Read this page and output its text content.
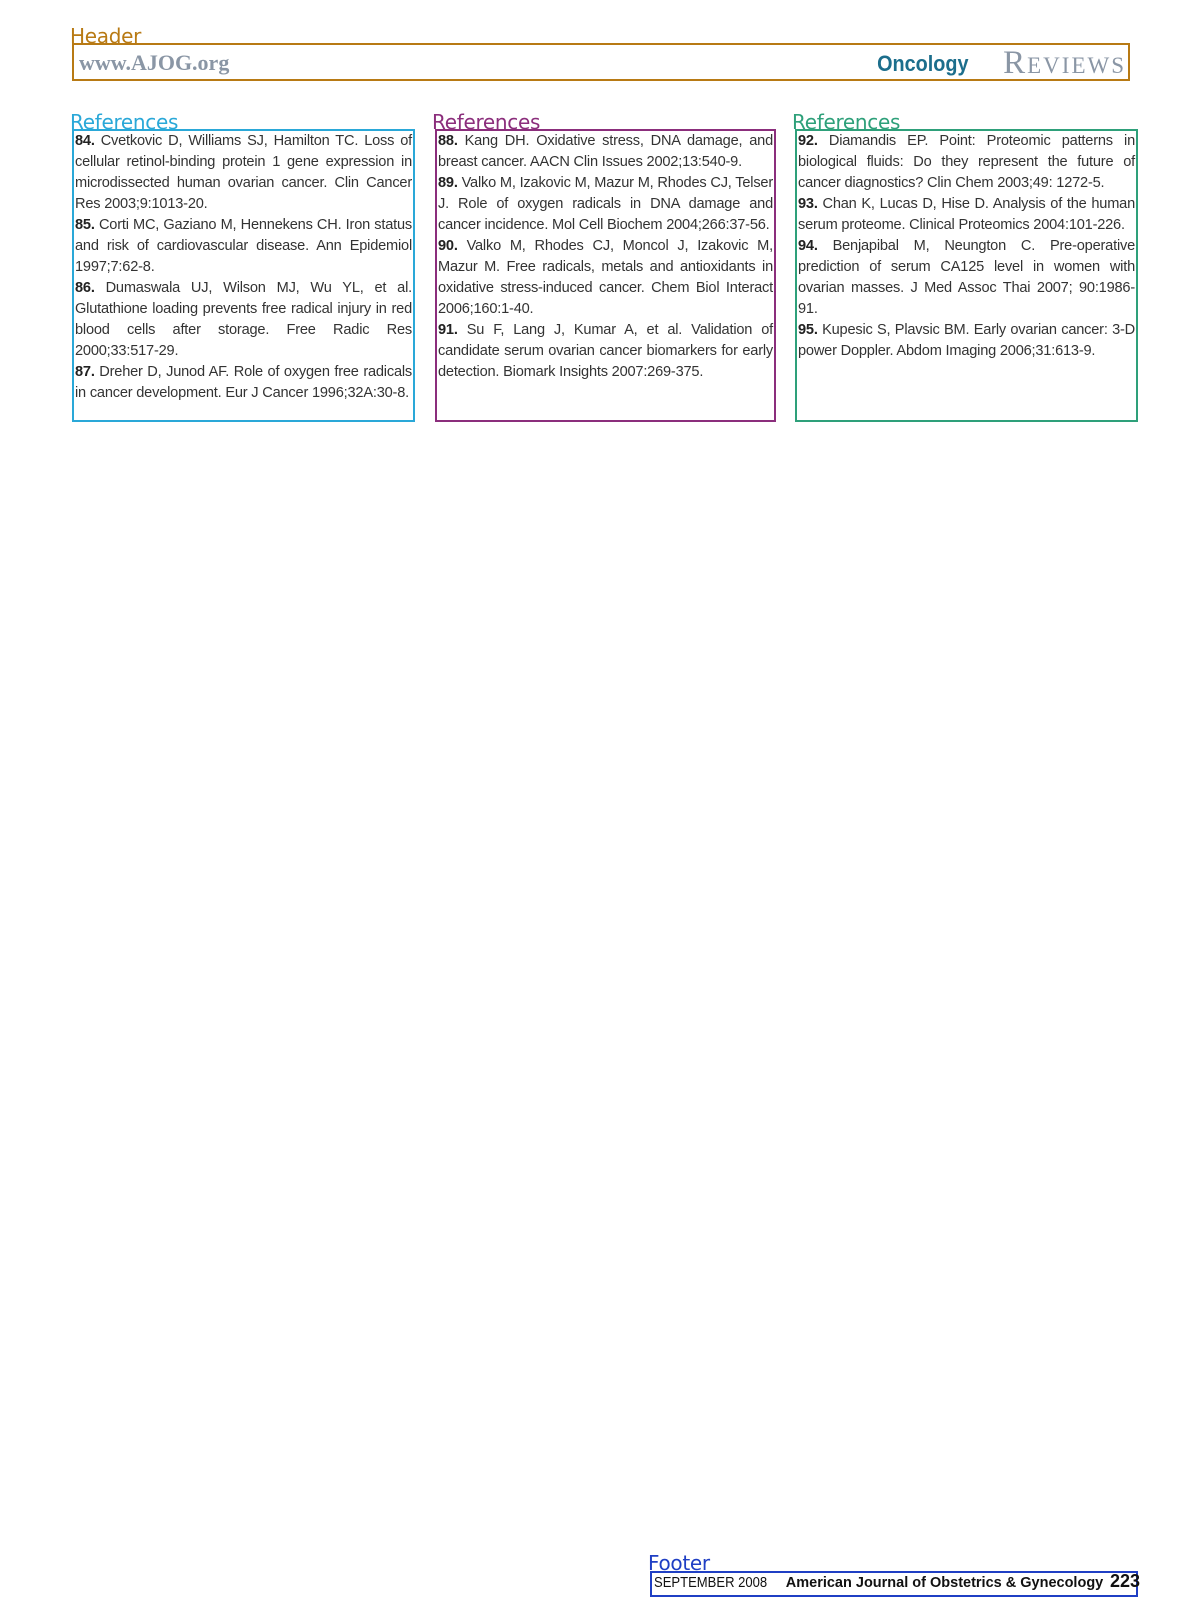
Header
www.AJOG.org	Oncology Reviews
References

84. Cvetkovic D, Williams SJ, Hamilton TC. Loss of cellular retinol-binding protein 1 gene expression in microdissected human ovarian cancer. Clin Cancer Res 2003;9:1013-20.

85. Corti MC, Gaziano M, Hennekens CH. Iron status and risk of cardiovascular disease. Ann Epidemiol 1997;7:62-8.

86. Dumaswala UJ, Wilson MJ, Wu YL, et al. Glutathione loading prevents free radical injury in red blood cells after storage. Free Radic Res 2000;33:517-29.

87. Dreher D, Junod AF. Role of oxygen free radicals in cancer development. Eur J Cancer 1996;32A:30-8.

References

88. Kang DH. Oxidative stress, DNA damage, and breast cancer. AACN Clin Issues 2002;13:540-9.

89. Valko M, Izakovic M, Mazur M, Rhodes CJ, Telser J. Role of oxygen radicals in DNA damage and cancer incidence. Mol Cell Biochem 2004;266:37-56.

90. Valko M, Rhodes CJ, Moncol J, Izakovic M, Mazur M. Free radicals, metals and antioxidants in oxidative stress-induced cancer. Chem Biol Interact 2006;160:1-40.

91. Su F, Lang J, Kumar A, et al. Validation of candidate serum ovarian cancer biomarkers for early detection. Biomark Insights 2007:269-375.

References

92. Diamandis EP. Point: Proteomic patterns in biological fluids: Do they represent the future of cancer diagnostics? Clin Chem 2003;49: 1272-5.

93. Chan K, Lucas D, Hise D. Analysis of the human serum proteome. Clinical Proteomics 2004:101-226.

94. Benjapibal M, Neungton C. Pre-operative prediction of serum CA125 level in women with ovarian masses. J Med Assoc Thai 2007; 90:1986-91.

95. Kupesic S, Plavsic BM. Early ovarian cancer: 3-D power Doppler. Abdom Imaging 2006;31:613-9.

Footer
SEPTEMBER 2008 American Journal of Obstetrics & Gynecology 223
